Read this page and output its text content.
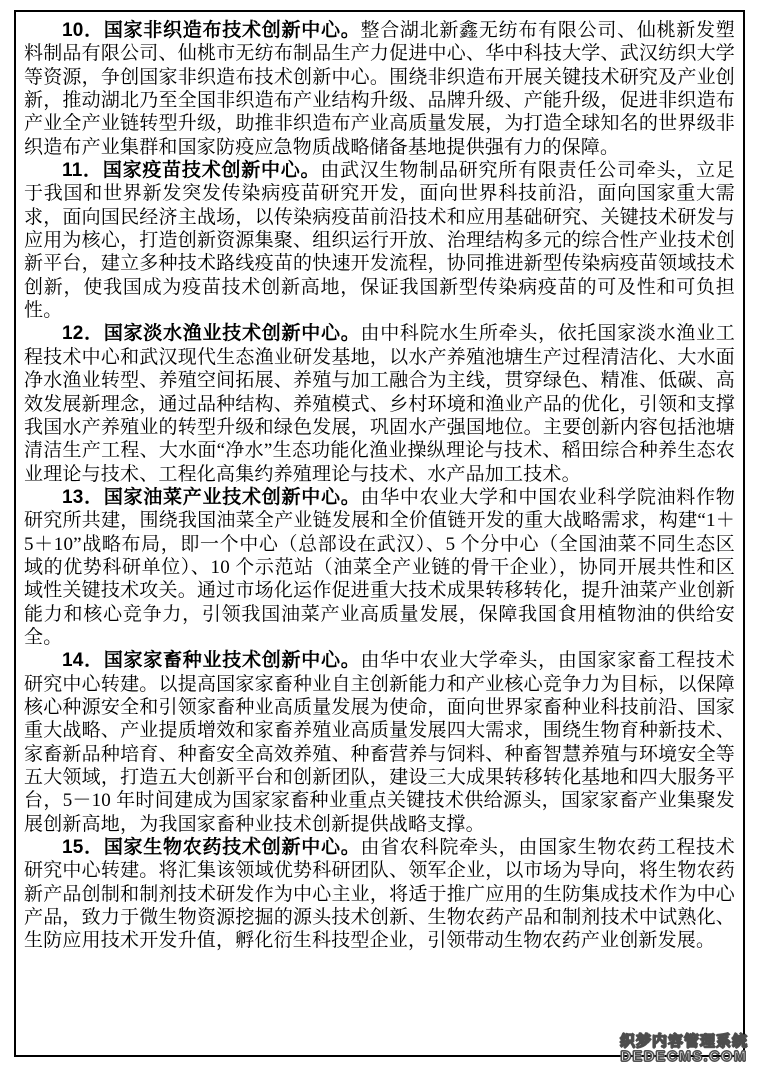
10．国家非织造布技术创新中心。整合湖北新鑫无纺布有限公司、仙桃新发塑料制品有限公司、仙桃市无纺布制品生产力促进中心、华中科技大学、武汉纺织大学等资源，争创国家非织造布技术创新中心。围绕非织造布开展关键技术研究及产业创新，推动湖北乃至全国非织造布产业结构升级、品牌升级、产能升级，促进非织造布产业全产业链转型升级，助推非织造布产业高质量发展，为打造全球知名的世界级非织造布产业集群和国家防疫应急物质战略储备基地提供强有力的保障。

11．国家疫苗技术创新中心。由武汉生物制品研究所有限责任公司牵头，立足于我国和世界新发突发传染病疫苗研究开发，面向世界科技前沿，面向国家重大需求，面向国民经济主战场，以传染病疫苗前沿技术和应用基础研究、关键技术研发与应用为核心，打造创新资源集聚、组织运行开放、治理结构多元的综合性产业技术创新平台，建立多种技术路线疫苗的快速开发流程，协同推进新型传染病疫苗领域技术创新，使我国成为疫苗技术创新高地，保证我国新型传染病疫苗的可及性和可负担性。

12．国家淡水渔业技术创新中心。由中科院水生所牵头，依托国家淡水渔业工程技术中心和武汉现代生态渔业研发基地，以水产养殖池塘生产过程清洁化、大水面净水渔业转型、养殖空间拓展、养殖与加工融合为主线，贯穿绿色、精准、低碳、高效发展新理念，通过品种结构、养殖模式、乡村环境和渔业产品的优化，引领和支撑我国水产养殖业的转型升级和绿色发展，巩固水产强国地位。主要创新内容包括池塘清洁生产工程、大水面“净水”生态功能化渔业操纵理论与技术、稻田综合种养生态农业理论与技术、工程化高集约养殖理论与技术、水产品加工技术。

13．国家油菜产业技术创新中心。由华中农业大学和中国农业科学院油料作物研究所共建，围绕我国油菜全产业链发展和全价值链开发的重大战略需求，构建“1＋5＋10”战略布局，即一个中心（总部设在武汉）、5 个分中心（全国油菜不同生态区域的优势科研单位）、10 个示范站（油菜全产业链的骨干企业），协同开展共性和区域性关键技术攻关。通过市场化运作促进重大技术成果转移转化，提升油菜产业创新能力和核心竞争力，引领我国油菜产业高质量发展，保障我国食用植物油的供给安全。

14．国家家畜种业技术创新中心。由华中农业大学牵头，由国家家畜工程技术研究中心转建。以提高国家家畜种业自主创新能力和产业核心竞争力为目标，以保障核心种源安全和引领家畜种业高质量发展为使命，面向世界家畜种业科技前沿、国家重大战略、产业提质增效和家畜养殖业高质量发展四大需求，围绕生物育种新技术、家畜新品种培育、种畜安全高效养殖、种畜营养与饲料、种畜智慧养殖与环境安全等五大领域，打造五大创新平台和创新团队，建设三大成果转移转化基地和四大服务平台，5－10 年时间建成为国家家畜种业重点关键技术供给源头，国家家畜产业集聚发展创新高地，为我国家畜种业技术创新提供战略支撑。

15．国家生物农药技术创新中心。由省农科院牵头，由国家生物农药工程技术研究中心转建。将汇集该领域优势科研团队、领军企业，以市场为导向，将生物农药新产品创制和制剂技术研发作为中心主业，将适于推广应用的生防集成技术作为中心产品，致力于微生物资源挖掘的源头技术创新、生物农药产品和制剂技术中试熟化、生防应用技术开发升值，孵化衍生科技型企业，引领带动生物农药产业创新发展。

织梦内容管理系统
DEDECMS.COM
